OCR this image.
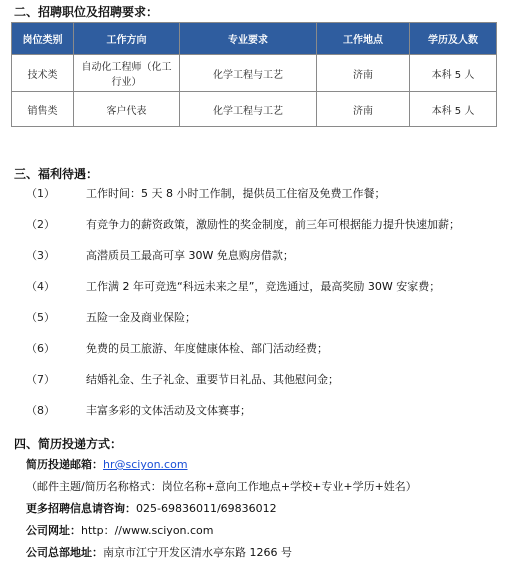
二、招聘职位及招聘要求：
岗位类别	工作方向	专业要求	工作地点	学历及人数
技术类	自动化工程师（化工行业）	化学工程与工艺	济南	本科 5 人
销售类	客户代表	化学工程与工艺	济南	本科 5 人
三、福利待遇：
（1）	工作时间：5 天 8 小时工作制，提供员工住宿及免费工作餐；
（2）	有竞争力的薪资政策，激励性的奖金制度，前三年可根据能力提升快速加薪；
（3）	高潜质员工最高可享 30W 免息购房借款；
（4）	工作满 2 年可竞选“科远未来之星”，竞选通过，最高奖励 30W 安家费；
（5）	五险一金及商业保险；
（6）	免费的员工旅游、年度健康体检、部门活动经费；
（7）	结婚礼金、生子礼金、重要节日礼品、其他慰问金；
（8）	丰富多彩的文体活动及文体赛事；
四、简历投递方式：
简历投递邮箱：hr@sciyon.com
（邮件主题/简历名称格式：岗位名称+意向工作地点+学校+专业+学历+姓名）
更多招聘信息请咨询：025-69836011/69836012
公司网址：http：//www.sciyon.com
公司总部地址：南京市江宁开发区清水亭东路 1266 号
